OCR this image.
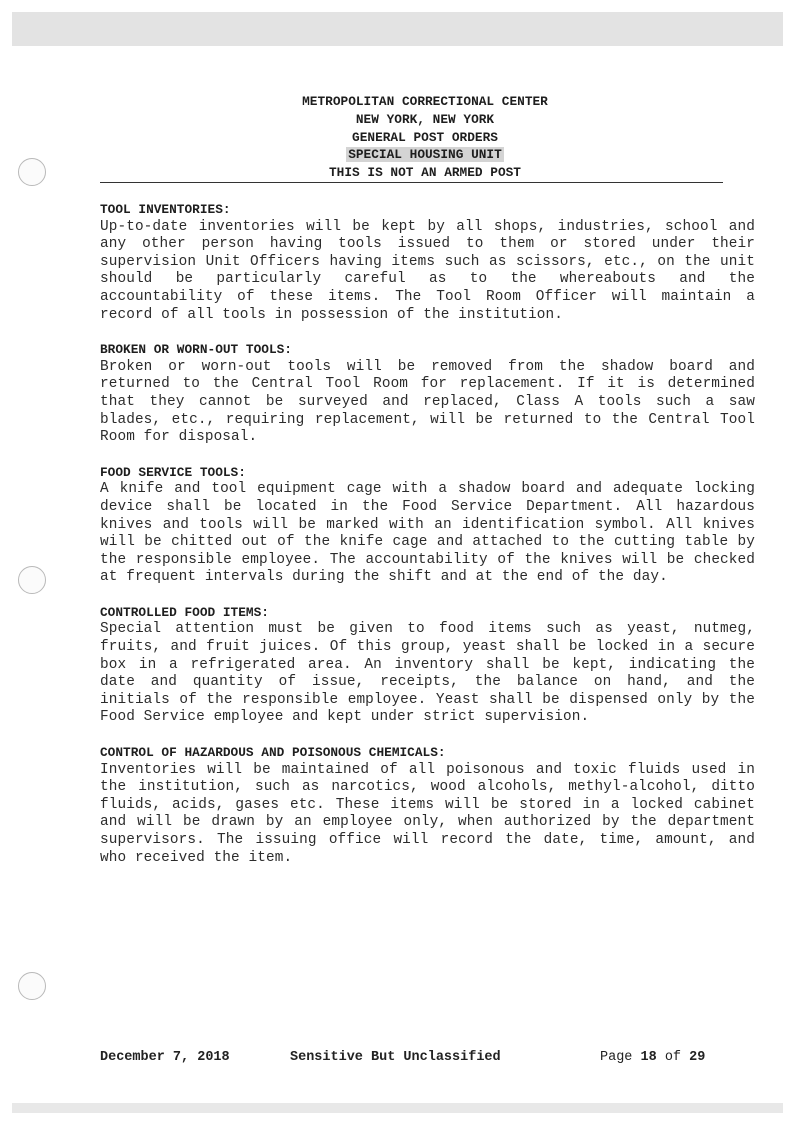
METROPOLITAN CORRECTIONAL CENTER
NEW YORK, NEW YORK
GENERAL POST ORDERS
SPECIAL HOUSING UNIT
THIS IS NOT AN ARMED POST
TOOL INVENTORIES:
Up-to-date inventories will be kept by all shops, industries, school and any other person having tools issued to them or stored under their supervision Unit Officers having items such as scissors, etc., on the unit should be particularly careful as to the whereabouts and the accountability of these items. The Tool Room Officer will maintain a record of all tools in possession of the institution.
BROKEN OR WORN-OUT TOOLS:
Broken or worn-out tools will be removed from the shadow board and returned to the Central Tool Room for replacement. If it is determined that they cannot be surveyed and replaced, Class A tools such a saw blades, etc., requiring replacement, will be returned to the Central Tool Room for disposal.
FOOD SERVICE TOOLS:
A knife and tool equipment cage with a shadow board and adequate locking device shall be located in the Food Service Department. All hazardous knives and tools will be marked with an identification symbol. All knives will be chitted out of the knife cage and attached to the cutting table by the responsible employee. The accountability of the knives will be checked at frequent intervals during the shift and at the end of the day.
CONTROLLED FOOD ITEMS:
Special attention must be given to food items such as yeast, nutmeg, fruits, and fruit juices. Of this group, yeast shall be locked in a secure box in a refrigerated area. An inventory shall be kept, indicating the date and quantity of issue, receipts, the balance on hand, and the initials of the responsible employee. Yeast shall be dispensed only by the Food Service employee and kept under strict supervision.
CONTROL OF HAZARDOUS AND POISONOUS CHEMICALS:
Inventories will be maintained of all poisonous and toxic fluids used in the institution, such as narcotics, wood alcohols, methyl-alcohol, ditto fluids, acids, gases etc. These items will be stored in a locked cabinet and will be drawn by an employee only, when authorized by the department supervisors. The issuing office will record the date, time, amount, and who received the item.
December 7, 2018	Sensitive But Unclassified	Page 18 of 29
